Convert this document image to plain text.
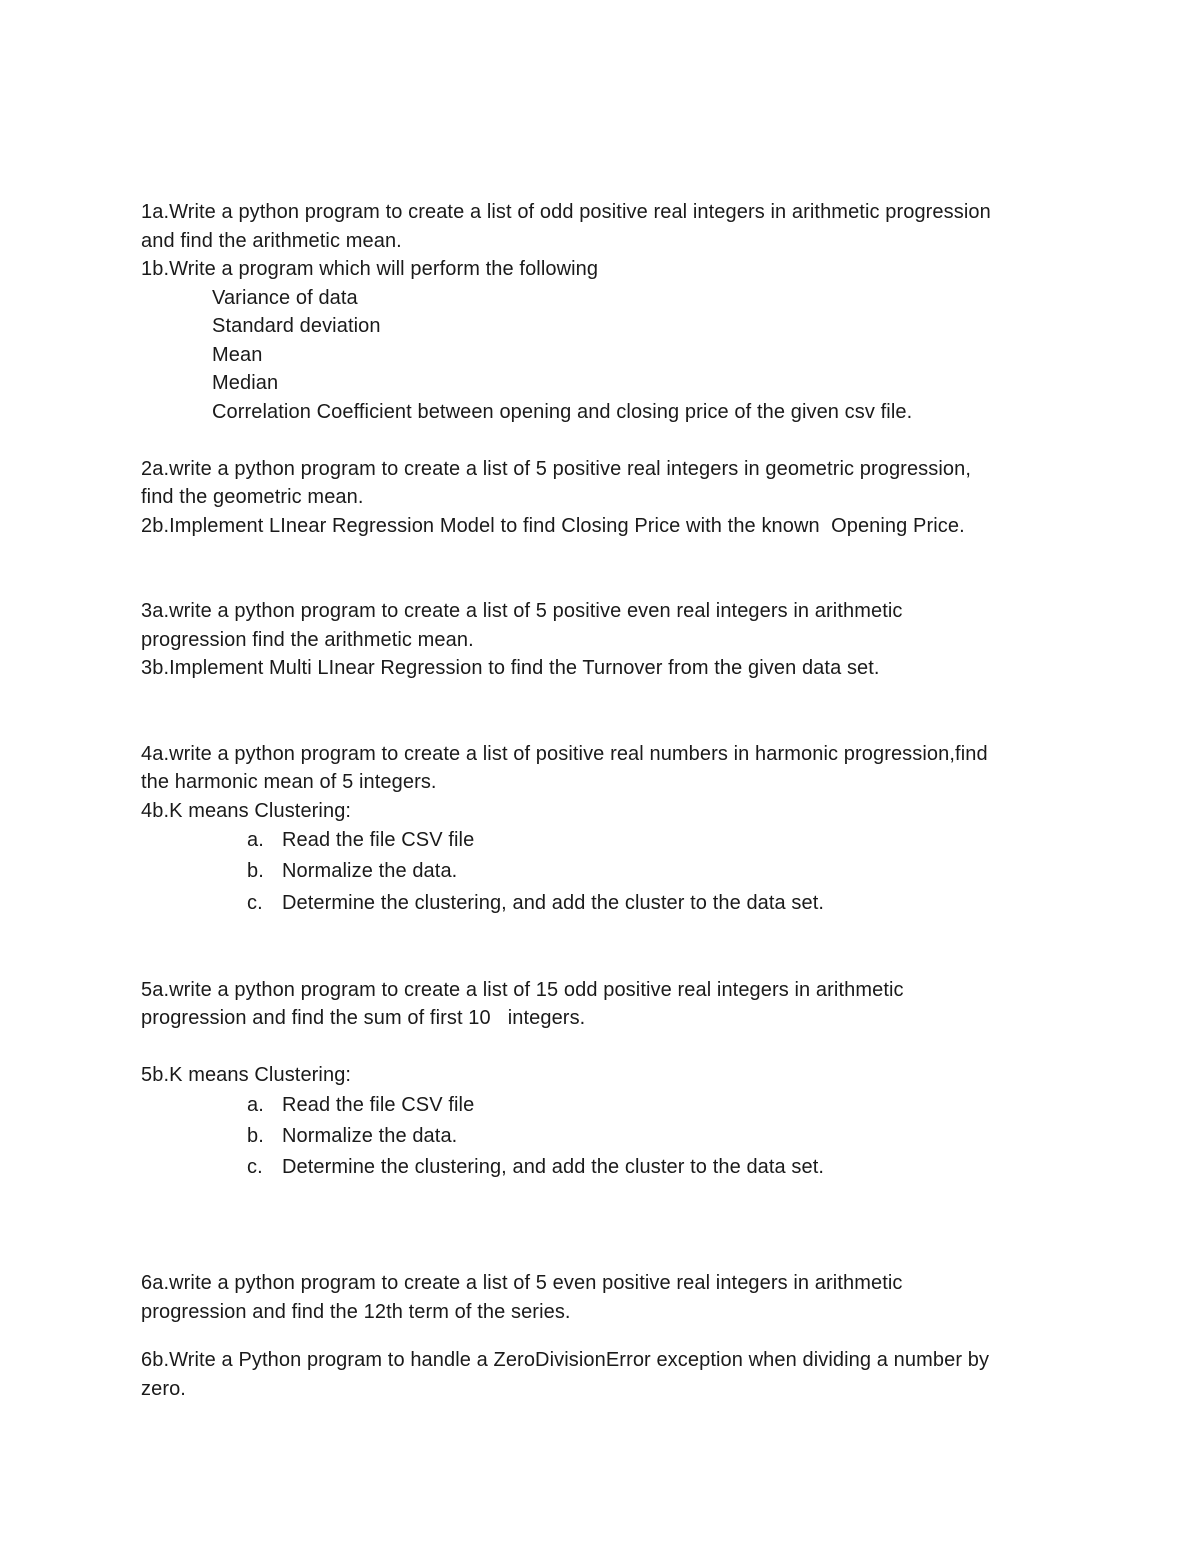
1a.Write a python program to create a list of odd positive real integers in arithmetic progression

and find the arithmetic mean.

1b.Write a program which will perform the following

Variance of data

Standard deviation

Mean

Median

Correlation Coefficient between opening and closing price of the given csv file.

2a.write a python program to create a list of 5 positive real integers in geometric progression,

find the geometric mean.

2b.Implement LInear Regression Model to find Closing Price with the known  Opening Price.

3a.write a python program to create a list of 5 positive even real integers in arithmetic

progression find the arithmetic mean.

3b.Implement Multi LInear Regression to find the Turnover from the given data set.

4a.write a python program to create a list of positive real numbers in harmonic progression,find

the harmonic mean of 5 integers.

4b.K means Clustering:

a. Read the file CSV file
b. Normalize the data.
c. Determine the clustering, and add the cluster to the data set.

5a.write a python program to create a list of 15 odd positive real integers in arithmetic

progression and find the sum of first 10   integers.

5b.K means Clustering:

a. Read the file CSV file
b. Normalize the data.
c. Determine the clustering, and add the cluster to the data set.

6a.write a python program to create a list of 5 even positive real integers in arithmetic

progression and find the 12th term of the series.

6b.Write a Python program to handle a ZeroDivisionError exception when dividing a number by

zero.
